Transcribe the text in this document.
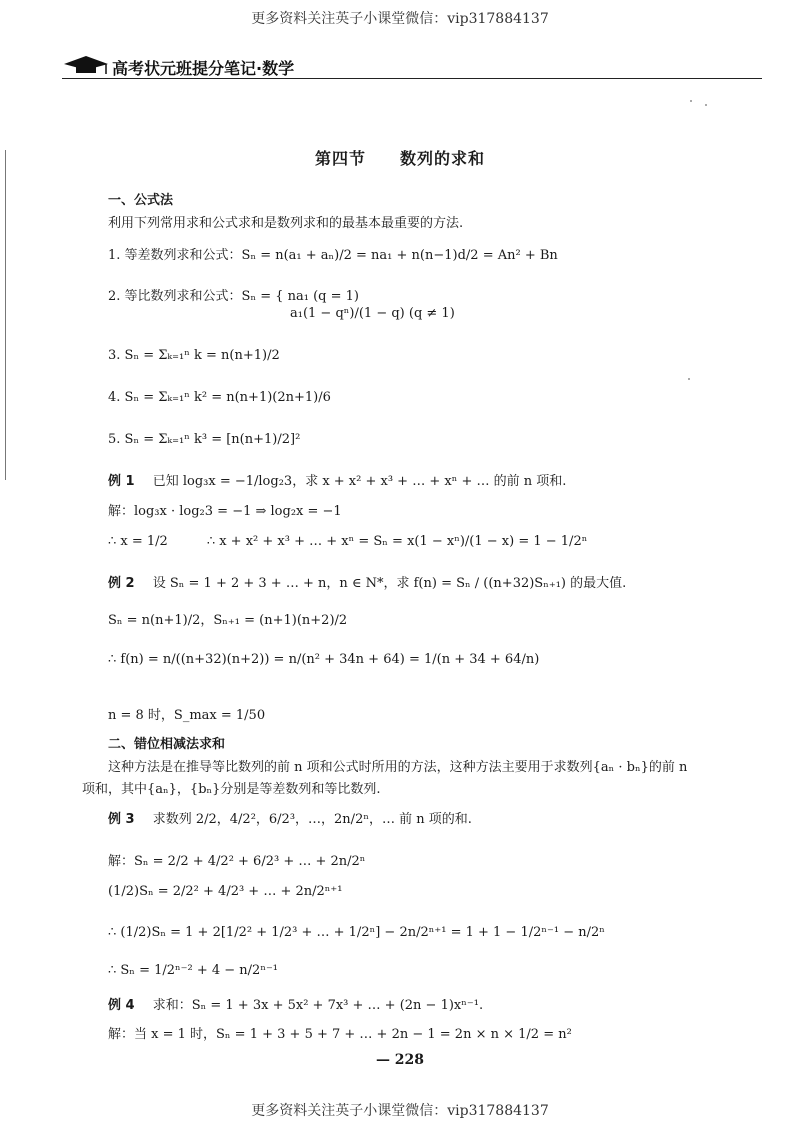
更多资料关注英子小课堂微信：vip317884137
高考状元班提分笔记·数学
第四节　　数列的求和
一、公式法
利用下列常用求和公式求和是数列求和的最基本最重要的方法.
1. 等差数列求和公式：Sₙ = n(a₁ + aₙ)/2 = na₁ + n(n−1)d/2 = An² + Bn
2. 等比数列求和公式：Sₙ = { na₁ (q = 1)
a₁(1 − qⁿ)/(1 − q) (q ≠ 1)
3. Sₙ = Σₖ₌₁ⁿ k = n(n+1)/2
4. Sₙ = Σₖ₌₁ⁿ k² = n(n+1)(2n+1)/6
5. Sₙ = Σₖ₌₁ⁿ k³ = [n(n+1)/2]²
例 1 已知 log₃x = −1/log₂3，求 x + x² + x³ + … + xⁿ + … 的前 n 项和.
解：log₃x · log₂3 = −1 ⇒ log₂x = −1
∴ x = 1/2　　　∴ x + x² + x³ + … + xⁿ = Sₙ = x(1 − xⁿ)/(1 − x) = 1 − 1/2ⁿ
例 2 设 Sₙ = 1 + 2 + 3 + … + n，n ∈ N*，求 f(n) = Sₙ / ((n+32)Sₙ₊₁) 的最大值.
Sₙ = n(n+1)/2，Sₙ₊₁ = (n+1)(n+2)/2
∴ f(n) = n/((n+32)(n+2)) = n/(n² + 34n + 64) = 1/(n + 34 + 64/n)
n = 8 时，S_max = 1/50
二、错位相减法求和
这种方法是在推导等比数列的前 n 项和公式时所用的方法，这种方法主要用于求数列{aₙ · bₙ}的前 n
项和，其中{aₙ}，{bₙ}分别是等差数列和等比数列.
例 3 求数列 2/2，4/2²，6/2³，…，2n/2ⁿ，… 前 n 项的和.
解：Sₙ = 2/2 + 4/2² + 6/2³ + … + 2n/2ⁿ
(1/2)Sₙ = 2/2² + 4/2³ + … + 2n/2ⁿ⁺¹
∴ (1/2)Sₙ = 1 + 2[1/2² + 1/2³ + … + 1/2ⁿ] − 2n/2ⁿ⁺¹ = 1 + 1 − 1/2ⁿ⁻¹ − n/2ⁿ
∴ Sₙ = 1/2ⁿ⁻² + 4 − n/2ⁿ⁻¹
例 4 求和：Sₙ = 1 + 3x + 5x² + 7x³ + … + (2n − 1)xⁿ⁻¹.
解：当 x = 1 时，Sₙ = 1 + 3 + 5 + 7 + … + 2n − 1 = 2n × n × 1/2 = n²
— 228
更多资料关注英子小课堂微信：vip317884137
